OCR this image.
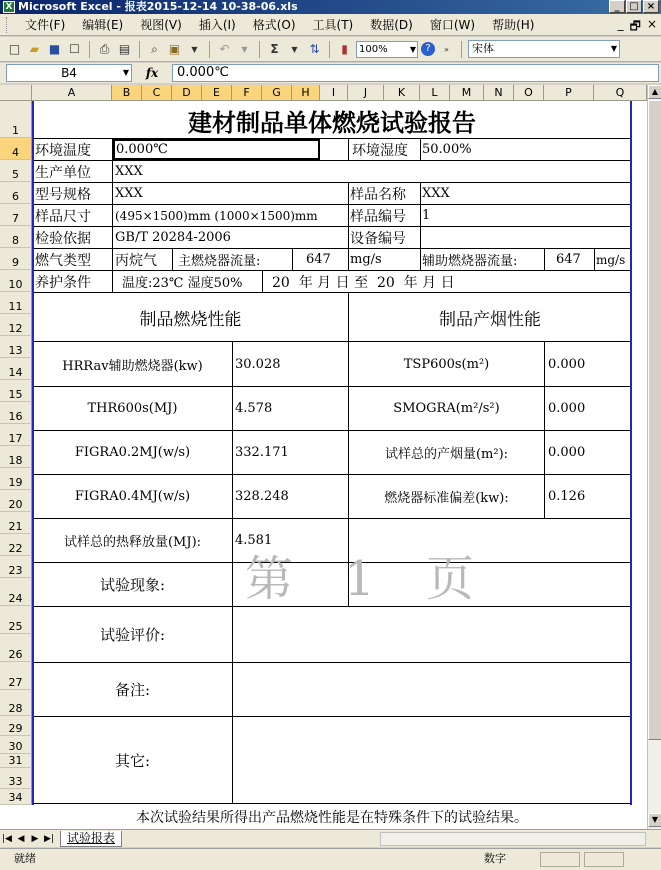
X Microsoft Excel - 报表2015-12-14 10-38-06.xls	_ □ ×
文件(F) 编辑(E) 视图(V) 插入(I) 格式(O) 工具(T) 数据(D) 窗口(W) 帮助(H)	_ 🗗 ×
□ ▰ ■ ☐	⎙ ▤	⌕ ▣	▼	↶	▼	Σ	▼ ⇅	▮	100%	▼ ?	»	宋体	▼
B4	▼	fx	0.000℃
A	B	C	D	E	F	G	H	I	J	K	L	M	N	O	P	Q
1
4
5
6
7
8
9
10
11
12
13
14
15
16
17
18
19
20
21
22
23
24
25
26
27
28
29
30
31
33
34
建材制品单体燃烧试验报告
环境温度 0.000℃	环境湿度 50.00%
生产单位 XXX
型号规格 XXX	样品名称 XXX
样品尺寸 (495×1500)mm (1000×1500)mm 样品编号 1
检验依据 GB/T 20284-2006	设备编号
燃气类型 丙烷气 主燃烧器流量:	647 mg/s	辅助燃烧器流量:	647 mg/s
养护条件 温度:23℃ 湿度50% 20  年 月 日 至  20  年 月 日
制品燃烧性能	制品产烟性能
HRRav辅助燃烧器(kw)	30.028	TSP600s(m²)	0.000
THR600s(MJ)	4.578	SMOGRA(m²/s²)	0.000
FIGRA0.2MJ(w/s)	332.171	试样总的产烟量(m²):	0.000
FIGRA0.4MJ(w/s)	328.248	燃烧器标准偏差(kw):	0.126
试样总的热释放量(MJ):	4.581
试验现象:
试验评价:
备注:
其它:
本次试验结果所得出产品燃烧性能是在特殊条件下的试验结果。
第 1 页
▲
▼
|◀ ◀ ▶ ▶|	试验报表
就绪	数字
